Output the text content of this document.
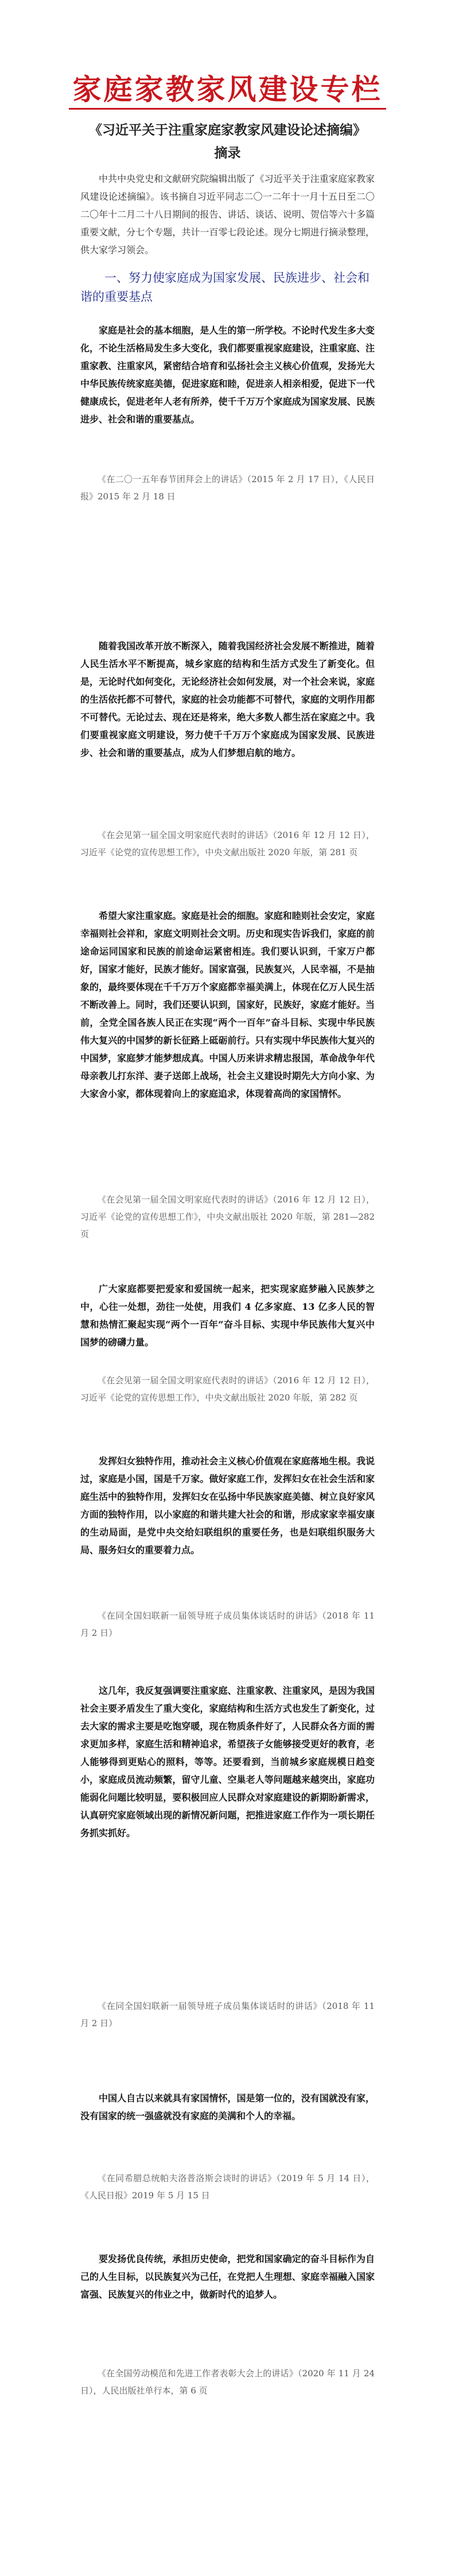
家庭家教家风建设专栏
《习近平关于注重家庭家教家风建设论述摘编》
摘录

中共中央党史和文献研究院编辑出版了《习近平关于注重家庭家教家风建设论述摘编》。该书摘自习近平同志二〇一二年十一月十五日至二〇二〇年十二月二十八日期间的报告、讲话、谈话、说明、贺信等六十多篇重要文献，分七个专题，共计一百零七段论述。现分七期进行摘录整理，供大家学习领会。

一、努力使家庭成为国家发展、民族进步、社会和谐的重要基点

家庭是社会的基本细胞，是人生的第一所学校。不论时代发生多大变化，不论生活格局发生多大变化，我们都要重视家庭建设，注重家庭、注重家教、注重家风，紧密结合培育和弘扬社会主义核心价值观，发扬光大中华民族传统家庭美德，促进家庭和睦，促进亲人相亲相爱，促进下一代健康成长，促进老年人老有所养，使千千万万个家庭成为国家发展、民族进步、社会和谐的重要基点。

《在二〇一五年春节团拜会上的讲话》（2015 年 2 月 17 日），《人民日报》2015 年 2 月 18 日

随着我国改革开放不断深入，随着我国经济社会发展不断推进，随着人民生活水平不断提高，城乡家庭的结构和生活方式发生了新变化。但是，无论时代如何变化，无论经济社会如何发展，对一个社会来说，家庭的生活依托都不可替代，家庭的社会功能都不可替代，家庭的文明作用都不可替代。无论过去、现在还是将来，绝大多数人都生活在家庭之中。我们要重视家庭文明建设，努力使千千万万个家庭成为国家发展、民族进步、社会和谐的重要基点，成为人们梦想启航的地方。

《在会见第一届全国文明家庭代表时的讲话》（2016 年 12 月 12 日），习近平《论党的宣传思想工作》，中央文献出版社 2020 年版，第 281 页

希望大家注重家庭。家庭是社会的细胞。家庭和睦则社会安定，家庭幸福则社会祥和，家庭文明则社会文明。历史和现实告诉我们，家庭的前途命运同国家和民族的前途命运紧密相连。我们要认识到，千家万户都好，国家才能好，民族才能好。国家富强，民族复兴，人民幸福，不是抽象的，最终要体现在千千万万个家庭都幸福美满上，体现在亿万人民生活不断改善上。同时，我们还要认识到，国家好，民族好，家庭才能好。当前，全党全国各族人民正在实现“两个一百年”奋斗目标、实现中华民族伟大复兴的中国梦的新长征路上砥砺前行。只有实现中华民族伟大复兴的中国梦，家庭梦才能梦想成真。中国人历来讲求精忠报国，革命战争年代母亲教儿打东洋、妻子送郎上战场，社会主义建设时期先大方向小家、为大家舍小家，都体现着向上的家庭追求，体现着高尚的家国情怀。

《在会见第一届全国文明家庭代表时的讲话》（2016 年 12 月 12 日），习近平《论党的宣传思想工作》，中央文献出版社 2020 年版，第 281—282 页

广大家庭都要把爱家和爱国统一起来，把实现家庭梦融入民族梦之中，心往一处想，劲往一处使，用我们 4 亿多家庭、13 亿多人民的智慧和热情汇聚起实现“两个一百年”奋斗目标、实现中华民族伟大复兴中国梦的磅礴力量。

《在会见第一届全国文明家庭代表时的讲话》（2016 年 12 月 12 日），习近平《论党的宣传思想工作》，中央文献出版社 2020 年版，第 282 页

发挥妇女独特作用，推动社会主义核心价值观在家庭落地生根。我说过，家庭是小国，国是千万家。做好家庭工作，发挥妇女在社会生活和家庭生活中的独特作用，发挥妇女在弘扬中华民族家庭美德、树立良好家风方面的独特作用，以小家庭的和谐共建大社会的和谐，形成家家幸福安康的生动局面，是党中央交给妇联组织的重要任务，也是妇联组织服务大局、服务妇女的重要着力点。

《在同全国妇联新一届领导班子成员集体谈话时的讲话》（2018 年 11 月 2 日）

这几年，我反复强调要注重家庭、注重家教、注重家风，是因为我国社会主要矛盾发生了重大变化，家庭结构和生活方式也发生了新变化，过去大家的需求主要是吃饱穿暖，现在物质条件好了，人民群众各方面的需求更加多样，家庭生活和精神追求，希望孩子女能够接受更好的教育，老人能够得到更贴心的照料，等等。还要看到，当前城乡家庭规模日趋变小，家庭成员流动频繁，留守儿童、空巢老人等问题越来越突出，家庭功能弱化问题比较明显，要积极回应人民群众对家庭建设的新期盼新需求，认真研究家庭领域出现的新情况新问题，把推进家庭工作作为一项长期任务抓实抓好。

《在同全国妇联新一届领导班子成员集体谈话时的讲话》（2018 年 11 月 2 日）

中国人自古以来就具有家国情怀，国是第一位的，没有国就没有家，没有国家的统一强盛就没有家庭的美满和个人的幸福。

《在同希腊总统帕夫洛普洛斯会谈时的讲话》（2019 年 5 月 14 日），《人民日报》2019 年 5 月 15 日

要发扬优良传统，承担历史使命，把党和国家确定的奋斗目标作为自己的人生目标，以民族复兴为己任，在党把人生理想、家庭幸福融入国家富强、民族复兴的伟业之中，做新时代的追梦人。

《在全国劳动模范和先进工作者表彰大会上的讲话》（2020 年 11 月 24 日），人民出版社单行本，第 6 页
